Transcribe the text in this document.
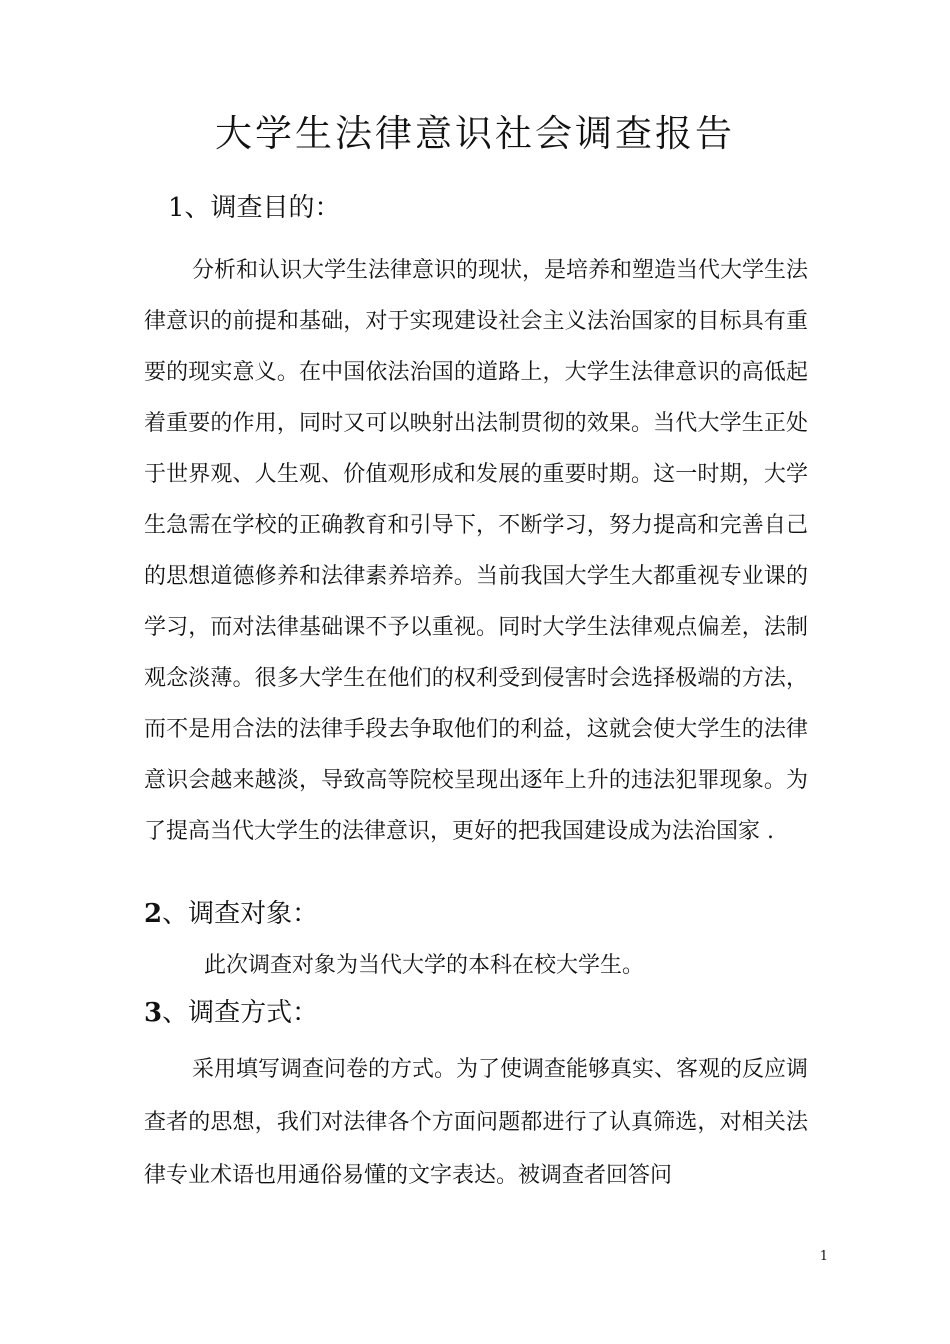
大学生法律意识社会调查报告
1、调查目的：

分析和认识大学生法律意识的现状，是培养和塑造当代大学生法律意识的前提和基础，对于实现建设社会主义法治国家的目标具有重要的现实意义。在中国依法治国的道路上，大学生法律意识的高低起着重要的作用，同时又可以映射出法制贯彻的效果。当代大学生正处于世界观、人生观、价值观形成和发展的重要时期。这一时期，大学生急需在学校的正确教育和引导下，不断学习，努力提高和完善自己的思想道德修养和法律素养培养。当前我国大学生大都重视专业课的学习，而对法律基础课不予以重视。同时大学生法律观点偏差，法制观念淡薄。很多大学生在他们的权利受到侵害时会选择极端的方法，而不是用合法的法律手段去争取他们的利益，这就会使大学生的法律意识会越来越淡，导致高等院校呈现出逐年上升的违法犯罪现象。为了提高当代大学生的法律意识，更好的把我国建设成为法治国家 .

2、调查对象：

此次调查对象为当代大学的本科在校大学生。

3、调查方式：

采用填写调查问卷的方式。为了使调查能够真实、客观的反应调查者的思想，我们对法律各个方面问题都进行了认真筛选，对相关法律专业术语也用通俗易懂的文字表达。被调查者回答问

1
